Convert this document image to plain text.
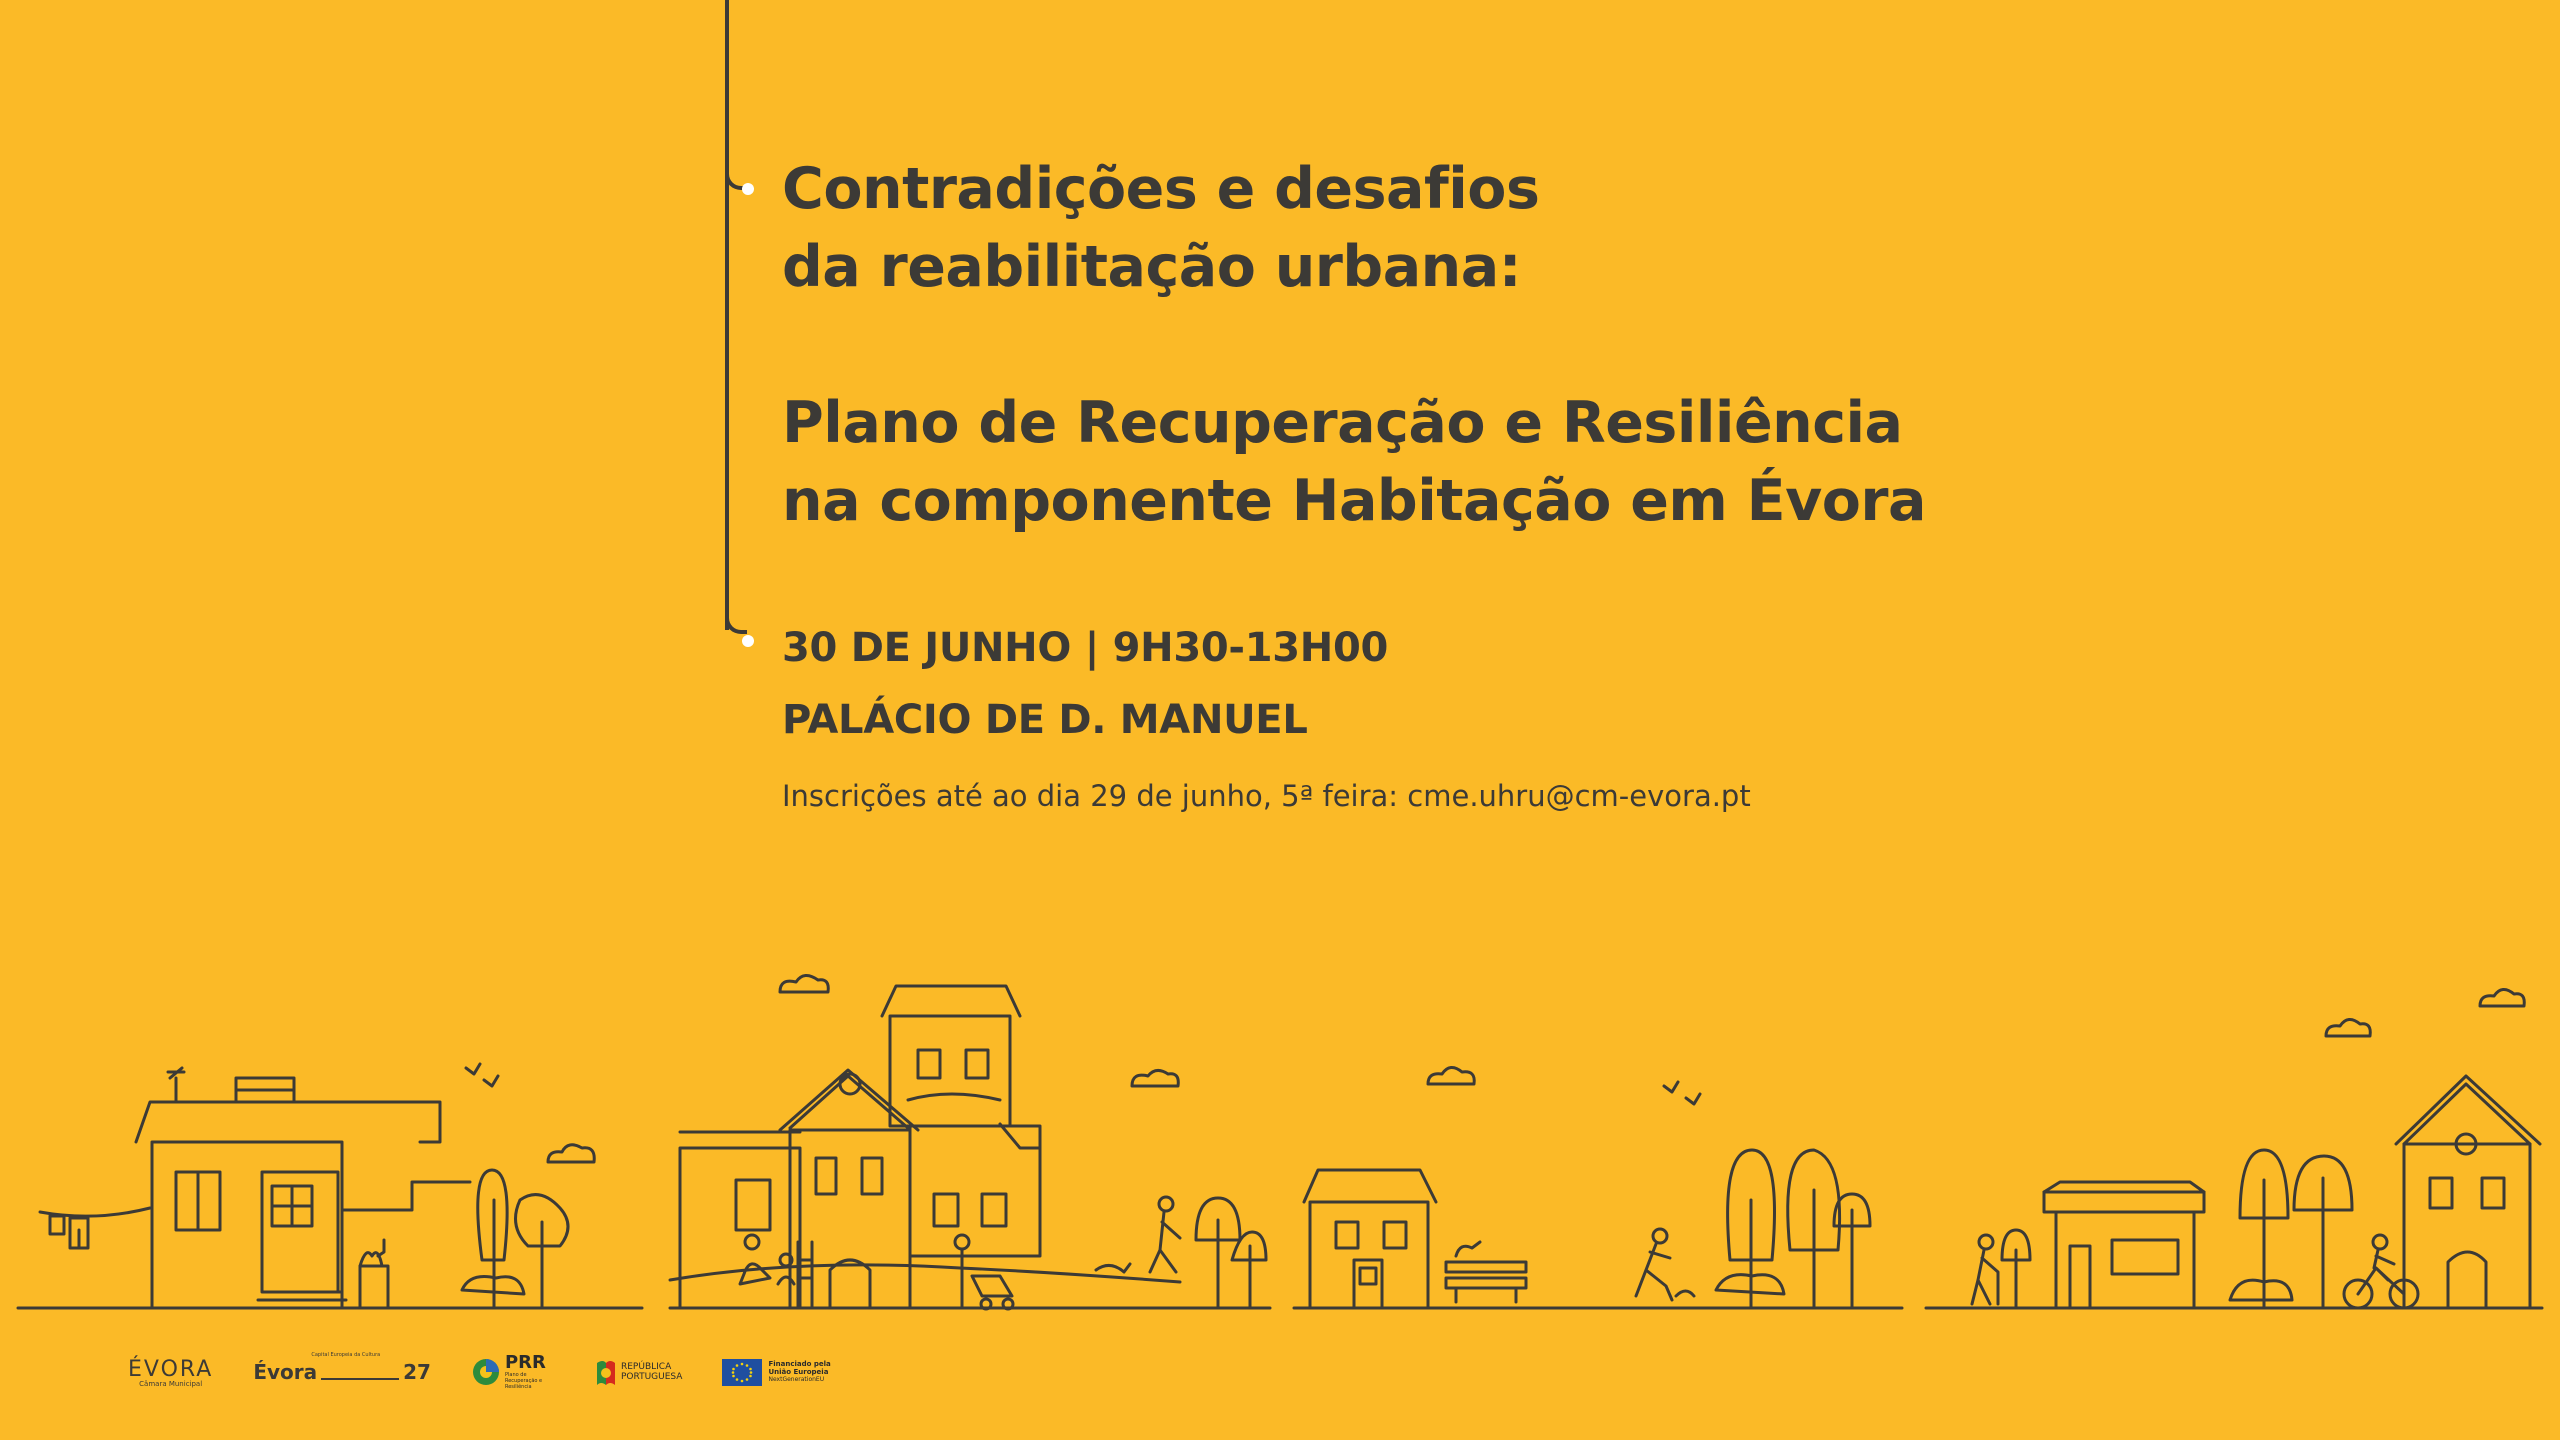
Contradições e desafios
da reabilitação urbana:
Plano de Recuperação e Resiliência
na componente Habitação em Évora
30 DE JUNHO | 9H30-13H00
PALÁCIO DE D. MANUEL
Inscrições até ao dia 29 de junho, 5ª feira: cme.uhru@cm-evora.pt
ÉVORA
Câmara Municipal
Capital Europeia da Cultura
Évora	27	PRR
Plano de Recuperação e Resiliência
REPÚBLICA
PORTUGUESA
Financiado pela
União Europeia
NextGenerationEU
